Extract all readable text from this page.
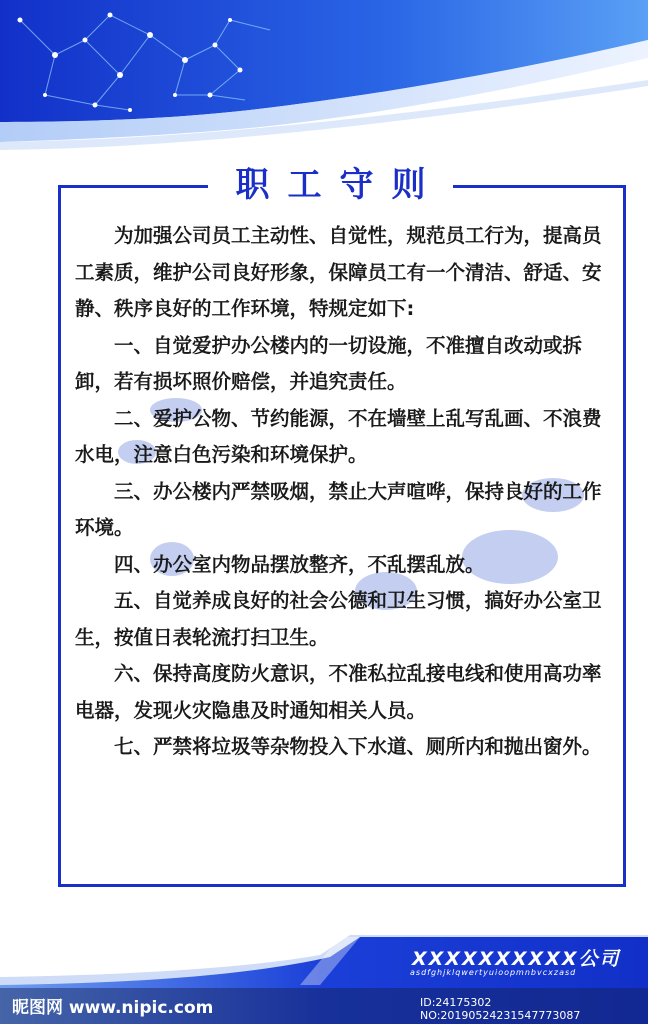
职工守则

为加强公司员工主动性、自觉性，规范员工行为，提高员工素质，维护公司良好形象，保障员工有一个清洁、舒适、安静、秩序良好的工作环境，特规定如下:

一、自觉爱护办公楼内的一切设施，不准擅自改动或拆卸，若有损坏照价赔偿，并追究责任。

二、爱护公物、节约能源，不在墙壁上乱写乱画、不浪费水电，注意白色污染和环境保护。

三、办公楼内严禁吸烟，禁止大声喧哗，保持良好的工作环境。

四、办公室内物品摆放整齐，不乱摆乱放。

五、自觉养成良好的社会公德和卫生习惯，搞好办公室卫生，按值日表轮流打扫卫生。

六、保持高度防火意识，不准私拉乱接电线和使用高功率电器，发现火灾隐患及时通知相关人员。

七、严禁将垃圾等杂物投入下水道、厕所内和抛出窗外。

XXXXXXXXXX公司
asdfghjklqwertyuioopmnbvcxzasd
昵图网 www.nipic.com	ID:24175302 NO:20190524231547773087
